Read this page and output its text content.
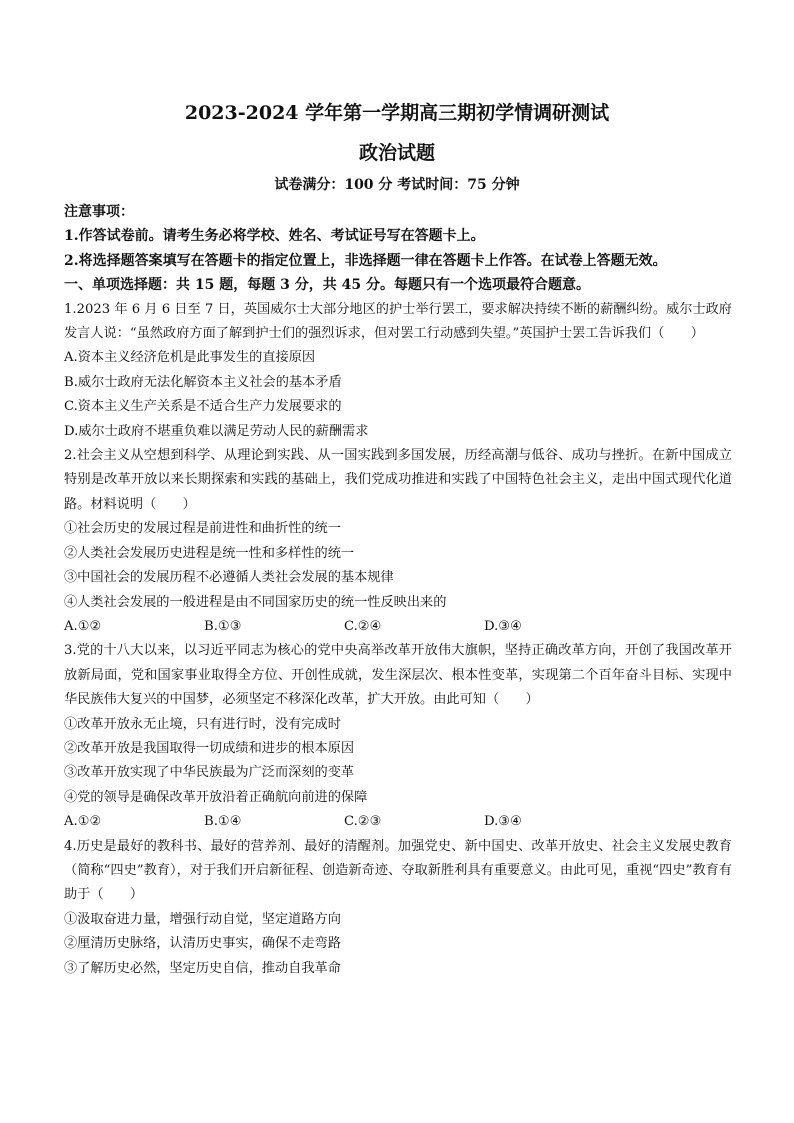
2023-2024 学年第一学期高三期初学情调研测试
政治试题
试卷满分：100 分 考试时间：75 分钟
注意事项：
1.作答试卷前。请考生务必将学校、姓名、考试证号写在答题卡上。
2.将选择题答案填写在答题卡的指定位置上，非选择题一律在答题卡上作答。在试卷上答题无效。
一、单项选择题：共 15 题，每题 3 分，共 45 分。每题只有一个选项最符合题意。
1.2023 年 6 月 6 日至 7 日，英国威尔士大部分地区的护士举行罢工，要求解决持续不断的薪酬纠纷。威尔士政府发言人说：“虽然政府方面了解到护士们的强烈诉求，但对罢工行动感到失望。”英国护士罢工告诉我们（　　）
A.资本主义经济危机是此事发生的直接原因
B.威尔士政府无法化解资本主义社会的基本矛盾
C.资本主义生产关系是不适合生产力发展要求的
D.威尔士政府不堪重负难以满足劳动人民的薪酬需求
2.社会主义从空想到科学、从理论到实践、从一国实践到多国发展，历经高潮与低谷、成功与挫折。在新中国成立特别是改革开放以来长期探索和实践的基础上，我们党成功推进和实践了中国特色社会主义，走出中国式现代化道路。材料说明（　　）
①社会历史的发展过程是前进性和曲折性的统一
②人类社会发展历史进程是统一性和多样性的统一
③中国社会的发展历程不必遵循人类社会发展的基本规律
④人类社会发展的一般进程是由不同国家历史的统一性反映出来的
A.①②	B.①③	C.②④	D.③④
3.党的十八大以来，以习近平同志为核心的党中央高举改革开放伟大旗帜，坚持正确改革方向，开创了我国改革开放新局面，党和国家事业取得全方位、开创性成就，发生深层次、根本性变革，实现第二个百年奋斗目标、实现中华民族伟大复兴的中国梦，必须坚定不移深化改革，扩大开放。由此可知（　　）
①改革开放永无止境，只有进行时，没有完成时
②改革开放是我国取得一切成绩和进步的根本原因
③改革开放实现了中华民族最为广泛而深刻的变革
④党的领导是确保改革开放沿着正确航向前进的保障
A.①②	B.①④	C.②③	D.③④
4.历史是最好的教科书、最好的营养剂、最好的清醒剂。加强党史、新中国史、改革开放史、社会主义发展史教育（简称“四史”教育），对于我们开启新征程、创造新奇迹、夺取新胜利具有重要意义。由此可见，重视“四史”教育有助于（　　）
①汲取奋进力量，增强行动自觉，坚定道路方向
②厘清历史脉络，认清历史事实，确保不走弯路
③了解历史必然，坚定历史自信，推动自我革命
